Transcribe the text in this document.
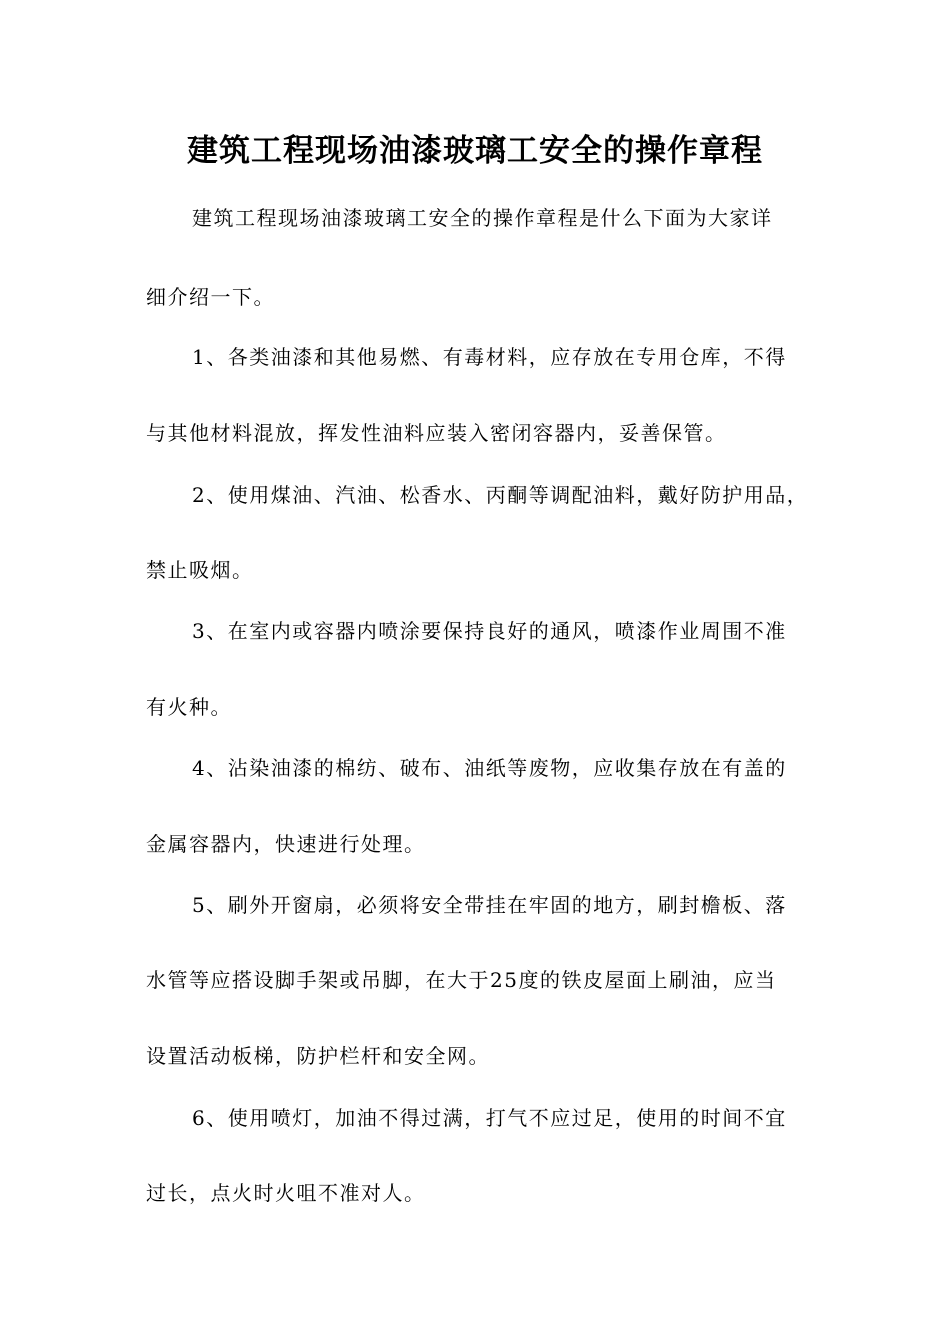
建筑工程现场油漆玻璃工安全的操作章程
建筑工程现场油漆玻璃工安全的操作章程是什么下面为大家详
细介绍一下。
1、各类油漆和其他易燃、有毒材料，应存放在专用仓库，不得
与其他材料混放，挥发性油料应装入密闭容器内，妥善保管。
2、使用煤油、汽油、松香水、丙酮等调配油料，戴好防护用品，
禁止吸烟。
3、在室内或容器内喷涂要保持良好的通风，喷漆作业周围不准
有火种。
4、沾染油漆的棉纺、破布、油纸等废物，应收集存放在有盖的
金属容器内，快速进行处理。
5、刷外开窗扇，必须将安全带挂在牢固的地方，刷封檐板、落
水管等应搭设脚手架或吊脚，在大于25度的铁皮屋面上刷油，应当
设置活动板梯，防护栏杆和安全网。
6、使用喷灯，加油不得过满，打气不应过足，使用的时间不宜
过长，点火时火咀不准对人。
